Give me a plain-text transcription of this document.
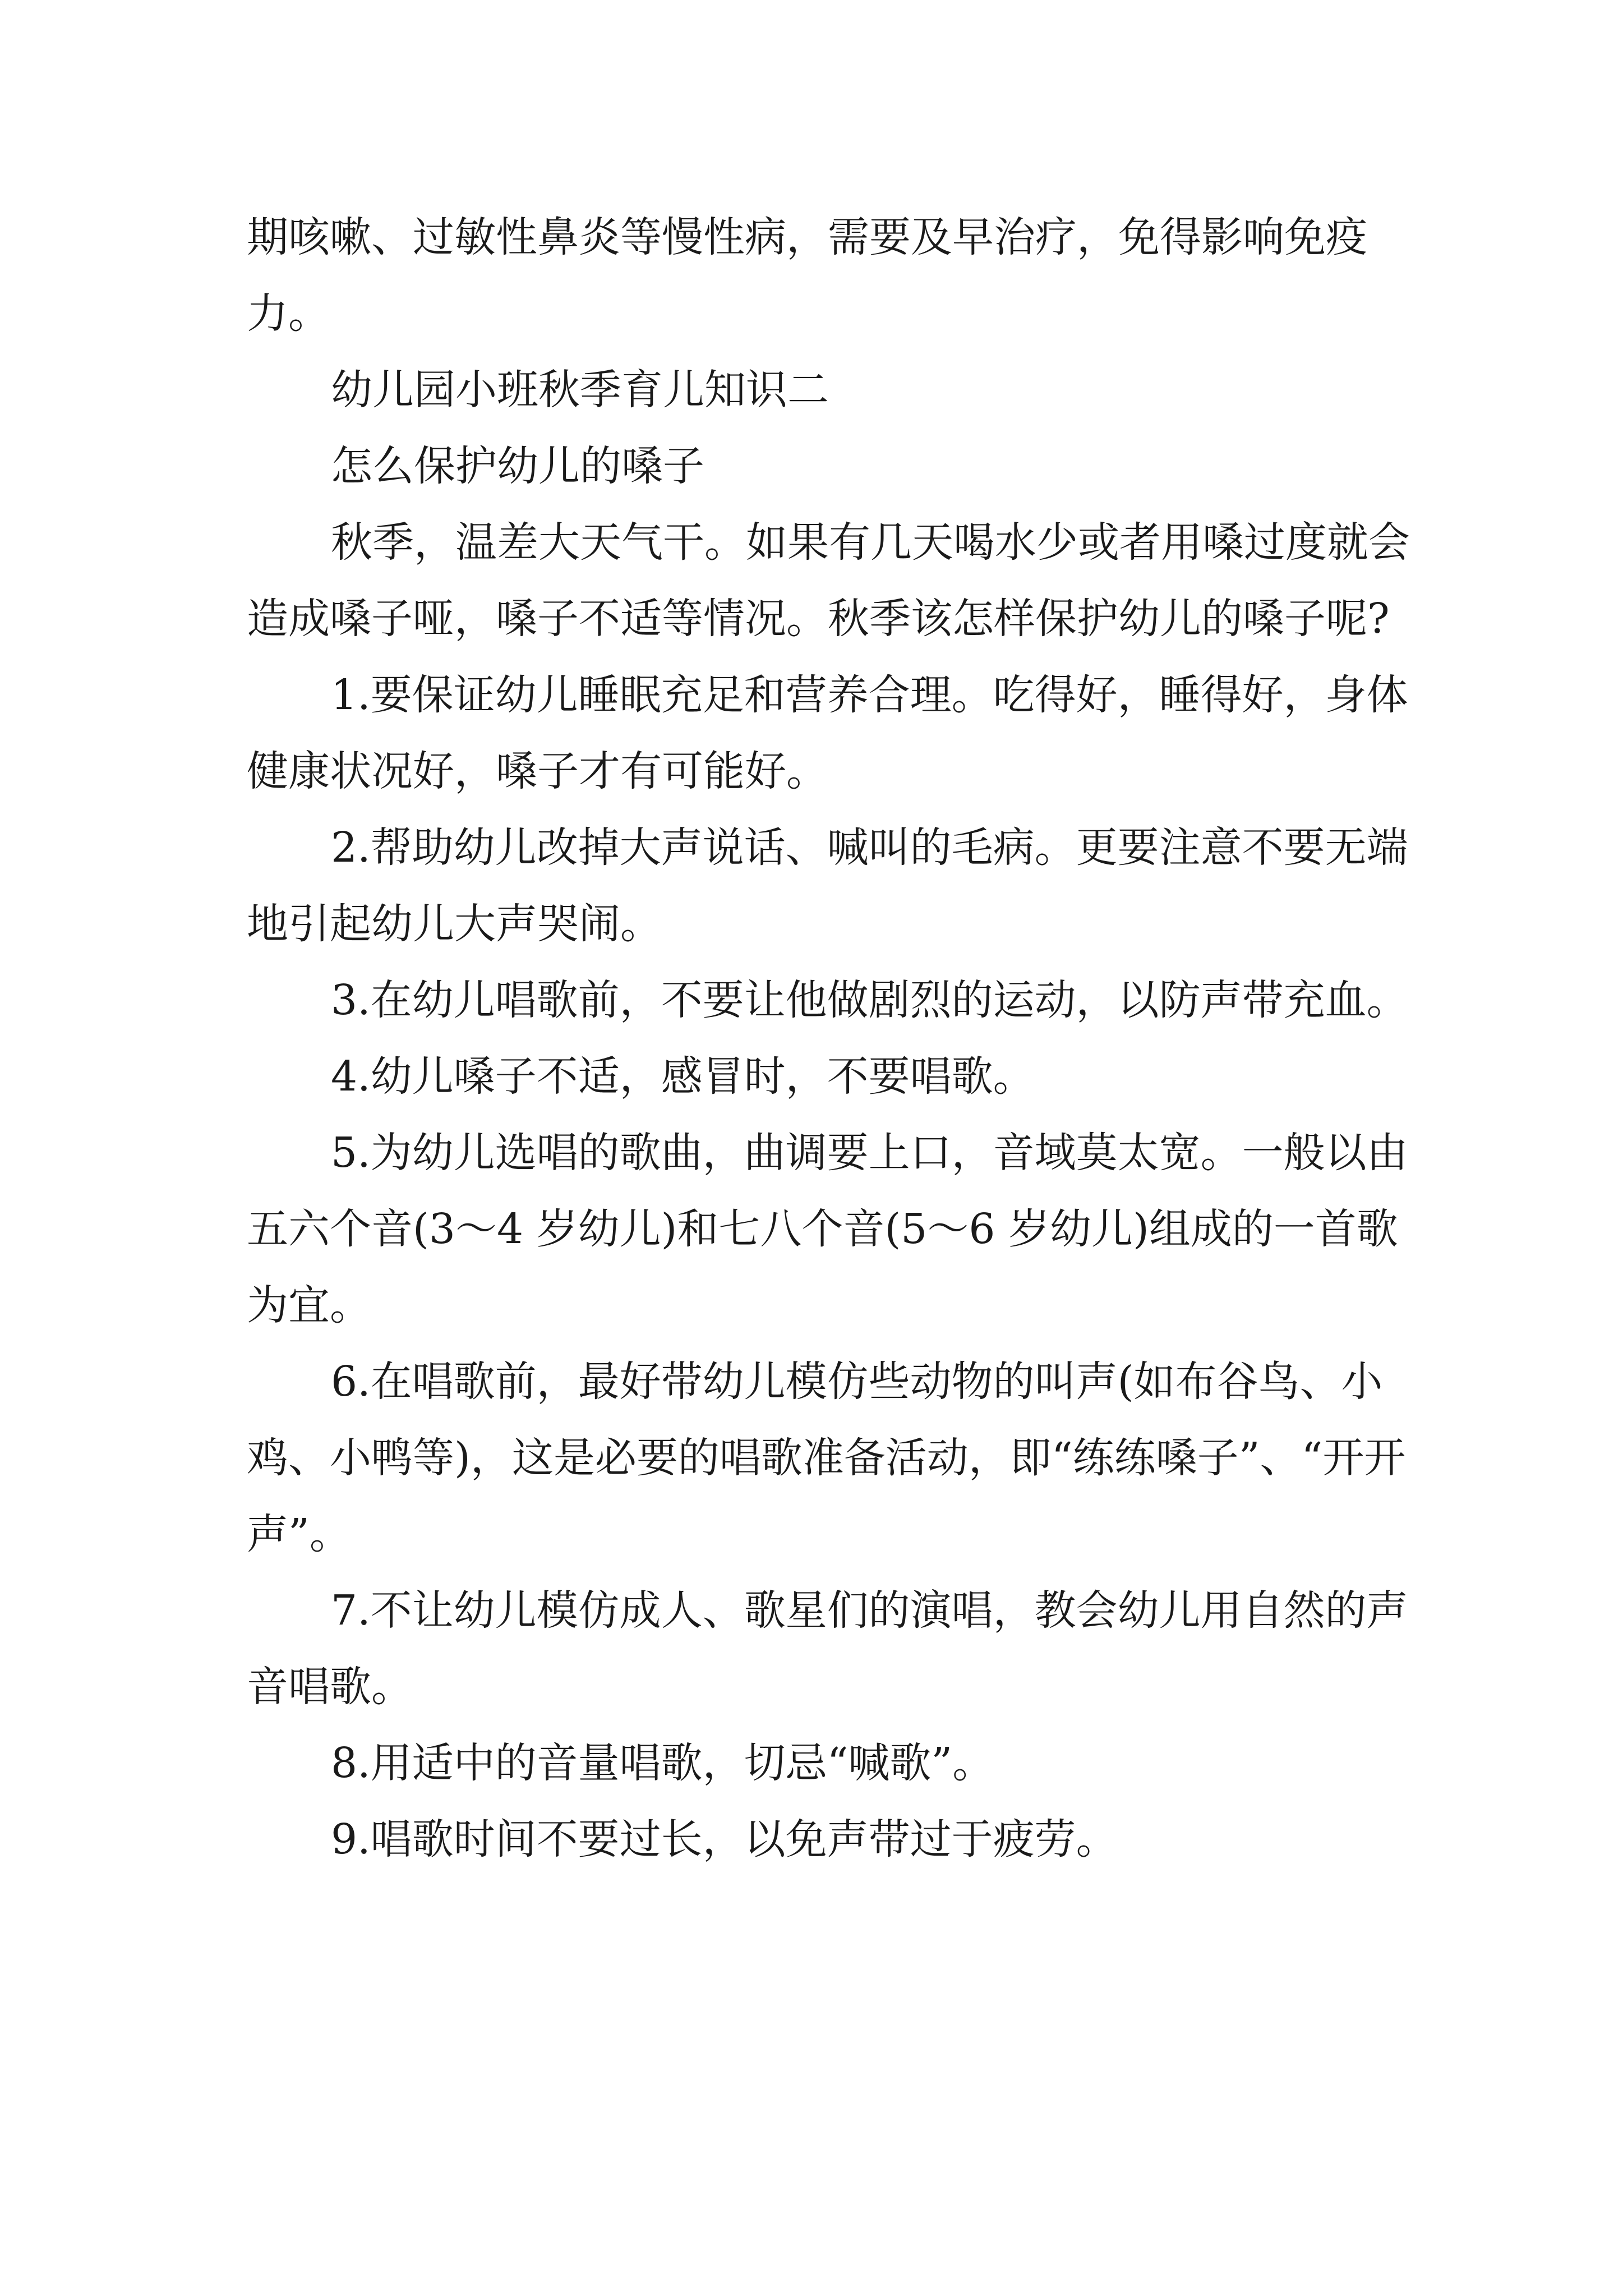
期咳嗽、过敏性鼻炎等慢性病，需要及早治疗，免得影响免疫力。

幼儿园小班秋季育儿知识二

怎么保护幼儿的嗓子

秋季，温差大天气干。如果有几天喝水少或者用嗓过度就会造成嗓子哑，嗓子不适等情况。秋季该怎样保护幼儿的嗓子呢?

1.要保证幼儿睡眠充足和营养合理。吃得好，睡得好，身体健康状况好，嗓子才有可能好。

2.帮助幼儿改掉大声说话、喊叫的毛病。更要注意不要无端地引起幼儿大声哭闹。

3.在幼儿唱歌前，不要让他做剧烈的运动，以防声带充血。

4.幼儿嗓子不适，感冒时，不要唱歌。

5.为幼儿选唱的歌曲，曲调要上口，音域莫太宽。一般以由五六个音(3～4 岁幼儿)和七八个音(5～6 岁幼儿)组成的一首歌为宜。

6.在唱歌前，最好带幼儿模仿些动物的叫声(如布谷鸟、小鸡、小鸭等)，这是必要的唱歌准备活动，即“练练嗓子”、“开开声”。

7.不让幼儿模仿成人、歌星们的演唱，教会幼儿用自然的声音唱歌。

8.用适中的音量唱歌，切忌“喊歌”。

9.唱歌时间不要过长，以免声带过于疲劳。
